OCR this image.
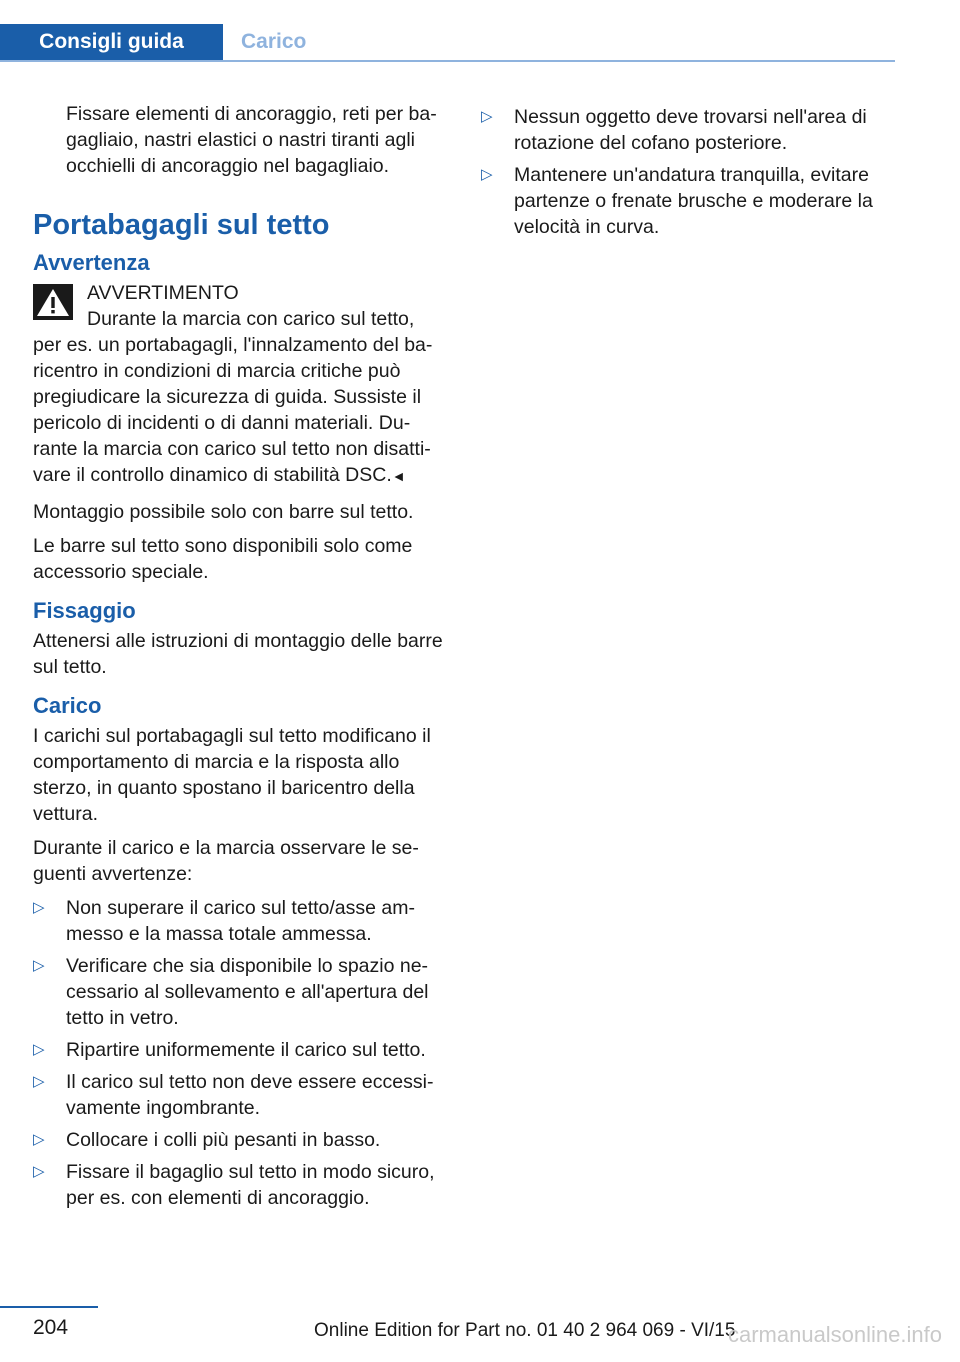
Consigli guida	Carico

Fissare elementi di ancoraggio, reti per bagagliaio, nastri elastici o nastri tiranti agli occhielli di ancoraggio nel bagagliaio.

Portabagagli sul tetto
Avvertenza
AVVERTIMENTO
Durante la marcia con carico sul tetto, per es. un portabagagli, l'innalzamento del baricentro in condizioni di marcia critiche può pregiudicare la sicurezza di guida. Sussiste il pericolo di incidenti o di danni materiali. Durante la marcia con carico sul tetto non disattivare il controllo dinamico di stabilità DSC.◄

Montaggio possibile solo con barre sul tetto.

Le barre sul tetto sono disponibili solo come accessorio speciale.

Fissaggio

Attenersi alle istruzioni di montaggio delle barre sul tetto.

Carico

I carichi sul portabagagli sul tetto modificano il comportamento di marcia e la risposta allo sterzo, in quanto spostano il baricentro della vettura.

Durante il carico e la marcia osservare le seguenti avvertenze:

▷ Non superare il carico sul tetto/asse ammesso e la massa totale ammessa.
▷ Verificare che sia disponibile lo spazio necessario al sollevamento e all'apertura del tetto in vetro.
▷ Ripartire uniformemente il carico sul tetto.
▷ Il carico sul tetto non deve essere eccessivamente ingombrante.
▷ Collocare i colli più pesanti in basso.
▷ Fissare il bagaglio sul tetto in modo sicuro, per es. con elementi di ancoraggio.
▷ Nessun oggetto deve trovarsi nell'area di rotazione del cofano posteriore.
▷ Mantenere un'andatura tranquilla, evitare partenze o frenate brusche e moderare la velocità in curva.
204	Online Edition for Part no. 01 40 2 964 069 - VI/15
carmanualsonline.info
